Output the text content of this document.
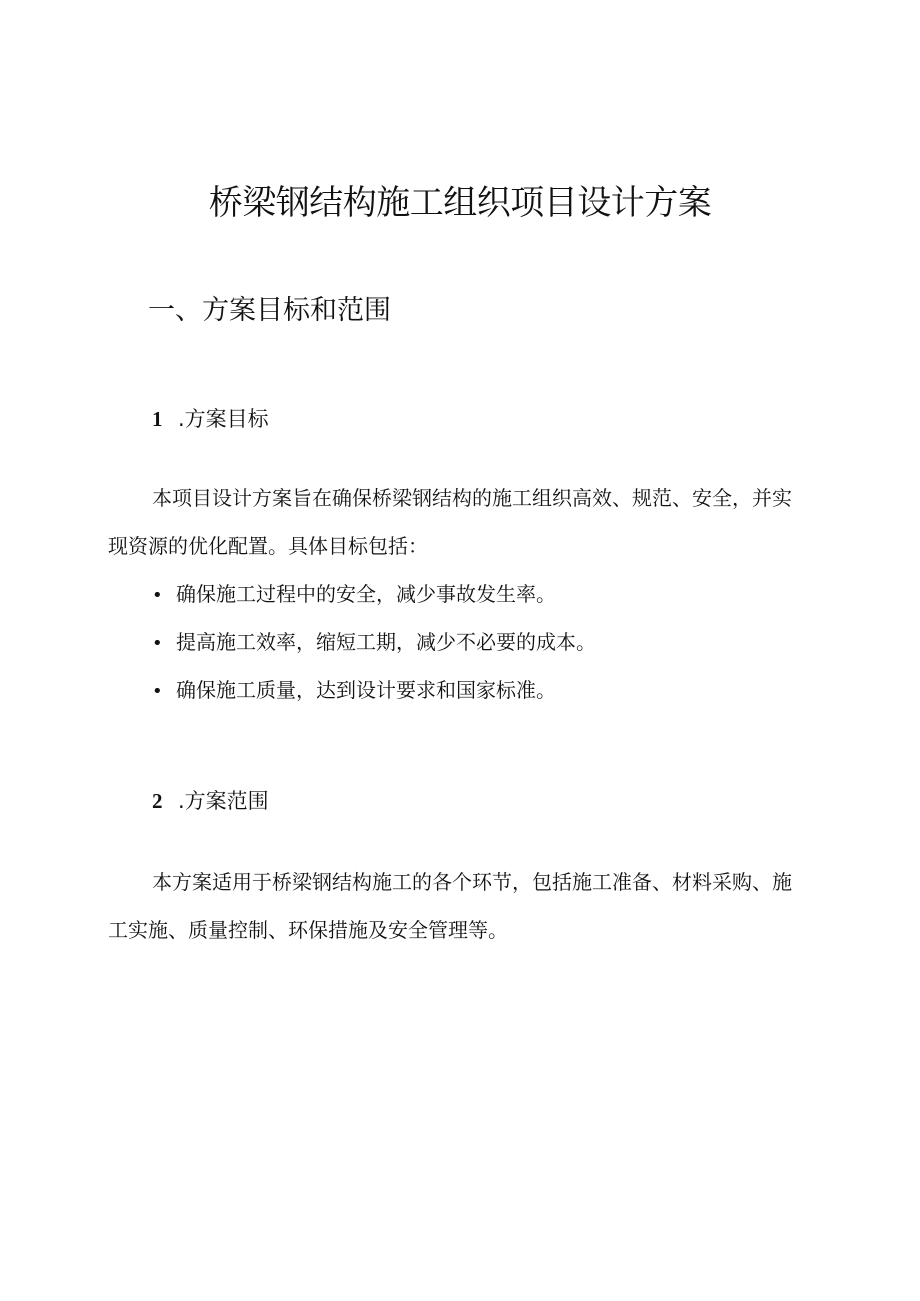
桥梁钢结构施工组织项目设计方案
一、方案目标和范围
1 .方案目标

本项目设计方案旨在确保桥梁钢结构的施工组织高效、规范、安全，并实现资源的优化配置。具体目标包括：

• 确保施工过程中的安全，减少事故发生率。
• 提高施工效率，缩短工期，减少不必要的成本。
• 确保施工质量，达到设计要求和国家标准。
2 .方案范围

本方案适用于桥梁钢结构施工的各个环节，包括施工准备、材料采购、施工实施、质量控制、环保措施及安全管理等。
